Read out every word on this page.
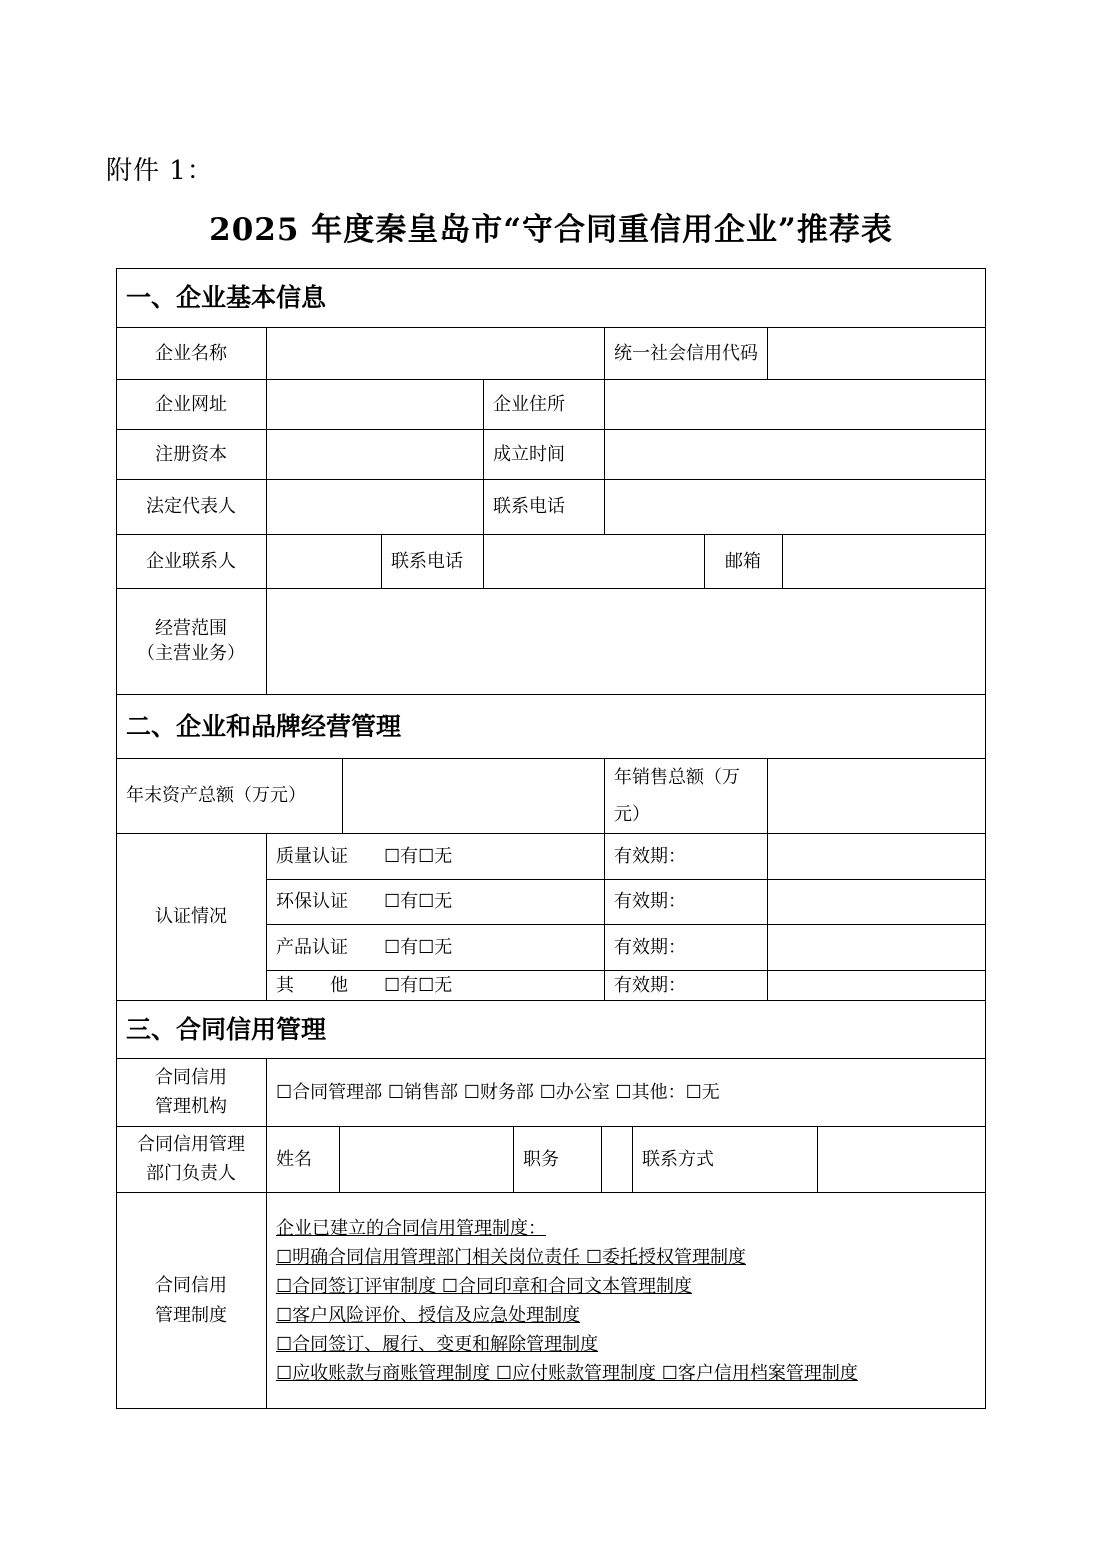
附件 1：
2025 年度秦皇岛市“守合同重信用企业”推荐表
一、企业基本信息
企业名称	统一社会信用代码
企业网址	企业住所
注册资本	成立时间
法定代表人	联系电话
企业联系人	联系电话	邮箱
经营范围
（主营业务）
二、企业和品牌经营管理
年末资产总额（万元）
年销售总额（万
元）
认证情况
质量认证	☐有☐无	有效期：
环保认证	☐有☐无	有效期：
产品认证	☐有☐无	有效期：
其　　他	☐有☐无	有效期：
三、合同信用管理
合同信用
管理机构
☐合同管理部 ☐销售部 ☐财务部 ☐办公室 ☐其他：☐无
合同信用管理
部门负责人
姓名	职务	联系方式
合同信用
管理制度
企业已建立的合同信用管理制度：
☐明确合同信用管理部门相关岗位责任 ☐委托授权管理制度
☐合同签订评审制度 ☐合同印章和合同文本管理制度
☐客户风险评价、授信及应急处理制度
☐合同签订、履行、变更和解除管理制度
☐应收账款与商账管理制度 ☐应付账款管理制度 ☐客户信用档案管理制度
